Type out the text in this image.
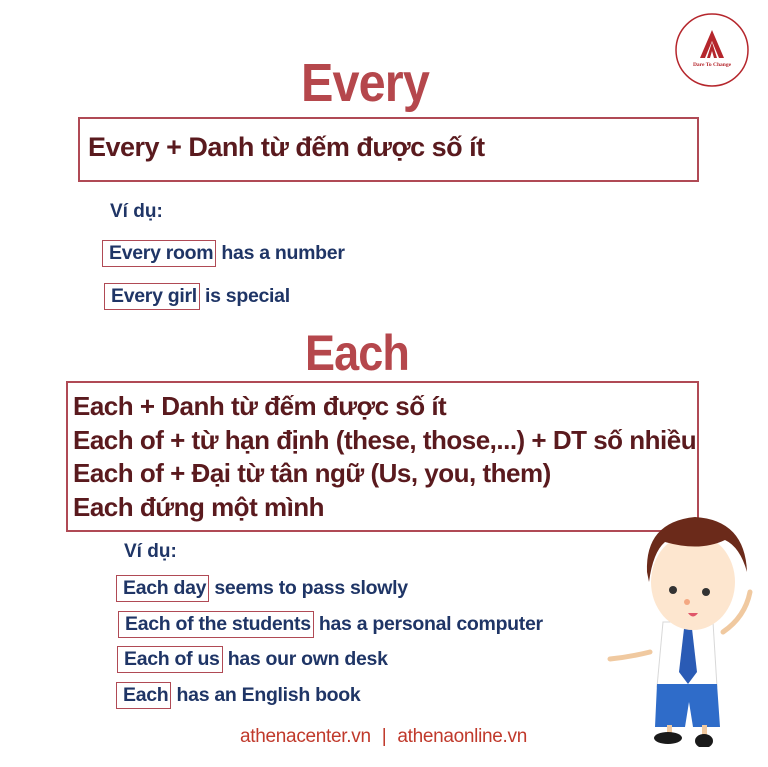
Dare To Change
Every
Every + Danh từ đếm được số ít
Ví dụ:
Every room has a number
Every girl is special
Each
Each + Danh từ đếm được số ít
Each of + từ hạn định (these, those,...) + DT số nhiều
Each of + Đại từ tân ngữ (Us, you, them)
Each đứng một mình
Ví dụ:
Each day seems to pass slowly
Each of the students has a personal computer
Each of us has our own desk
Each has an English book
athenacenter.vn | athenaonline.vn
